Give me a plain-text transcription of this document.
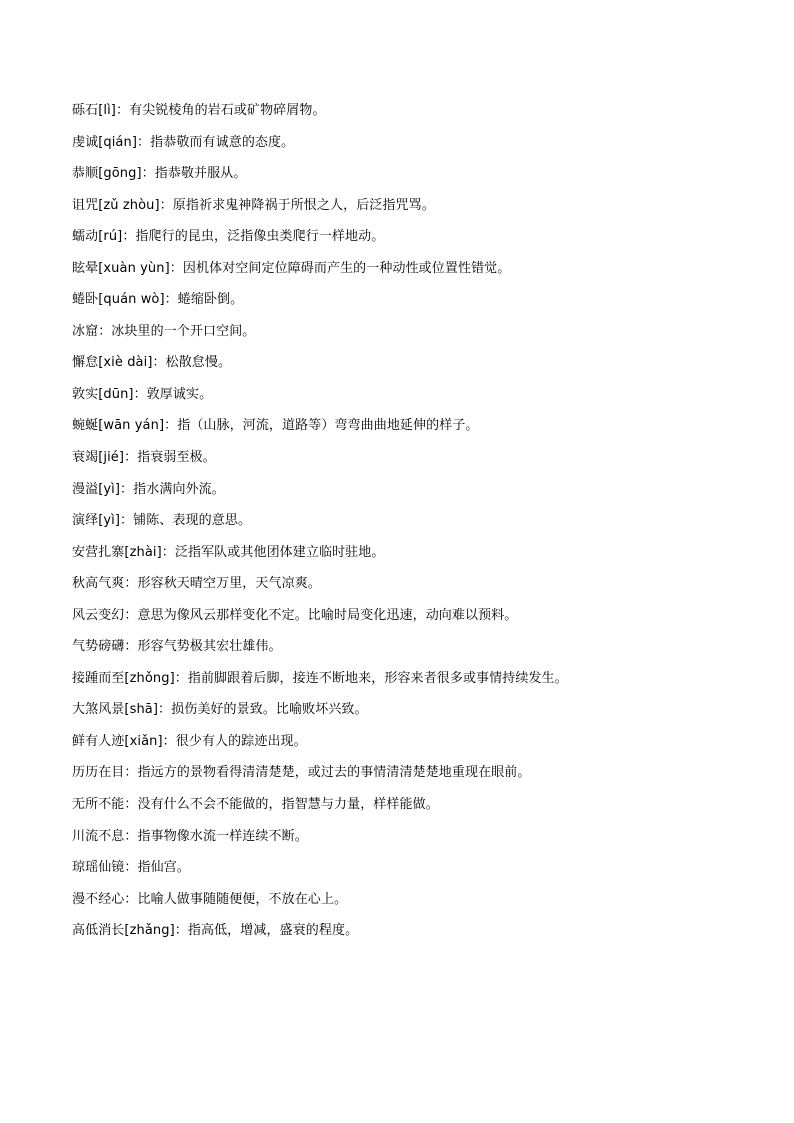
砾石[lì]：有尖锐棱角的岩石或矿物碎屑物。
虔诚[qián]：指恭敬而有诚意的态度。
恭顺[gōng]：指恭敬并服从。
诅咒[zǔ zhòu]：原指祈求鬼神降祸于所恨之人，后泛指咒骂。
蠕动[rú]：指爬行的昆虫，泛指像虫类爬行一样地动。
眩晕[xuàn yùn]：因机体对空间定位障碍而产生的一种动性或位置性错觉。
蜷卧[quán wò]：蜷缩卧倒。
冰窟：冰块里的一个开口空间。
懈怠[xiè dài]：松散怠慢。
敦实[dūn]：敦厚诚实。
蜿蜒[wān yán]：指（山脉，河流，道路等）弯弯曲曲地延伸的样子。
衰竭[jié]：指衰弱至极。
漫溢[yì]：指水满向外流。
演绎[yì]：铺陈、表现的意思。
安营扎寨[zhài]：泛指军队或其他团体建立临时驻地。
秋高气爽：形容秋天晴空万里，天气凉爽。
风云变幻：意思为像风云那样变化不定。比喻时局变化迅速，动向难以预料。
气势磅礴：形容气势极其宏壮雄伟。
接踵而至[zhǒng]：指前脚跟着后脚，接连不断地来，形容来者很多或事情持续发生。
大煞风景[shā]：损伤美好的景致。比喻败坏兴致。
鲜有人迹[xiǎn]：很少有人的踪迹出现。
历历在目：指远方的景物看得清清楚楚，或过去的事情清清楚楚地重现在眼前。
无所不能：没有什么不会不能做的，指智慧与力量，样样能做。
川流不息：指事物像水流一样连续不断。
琼瑶仙镜：指仙宫。
漫不经心：比喻人做事随随便便，不放在心上。
高低消长[zhǎng]：指高低，增减，盛衰的程度。
